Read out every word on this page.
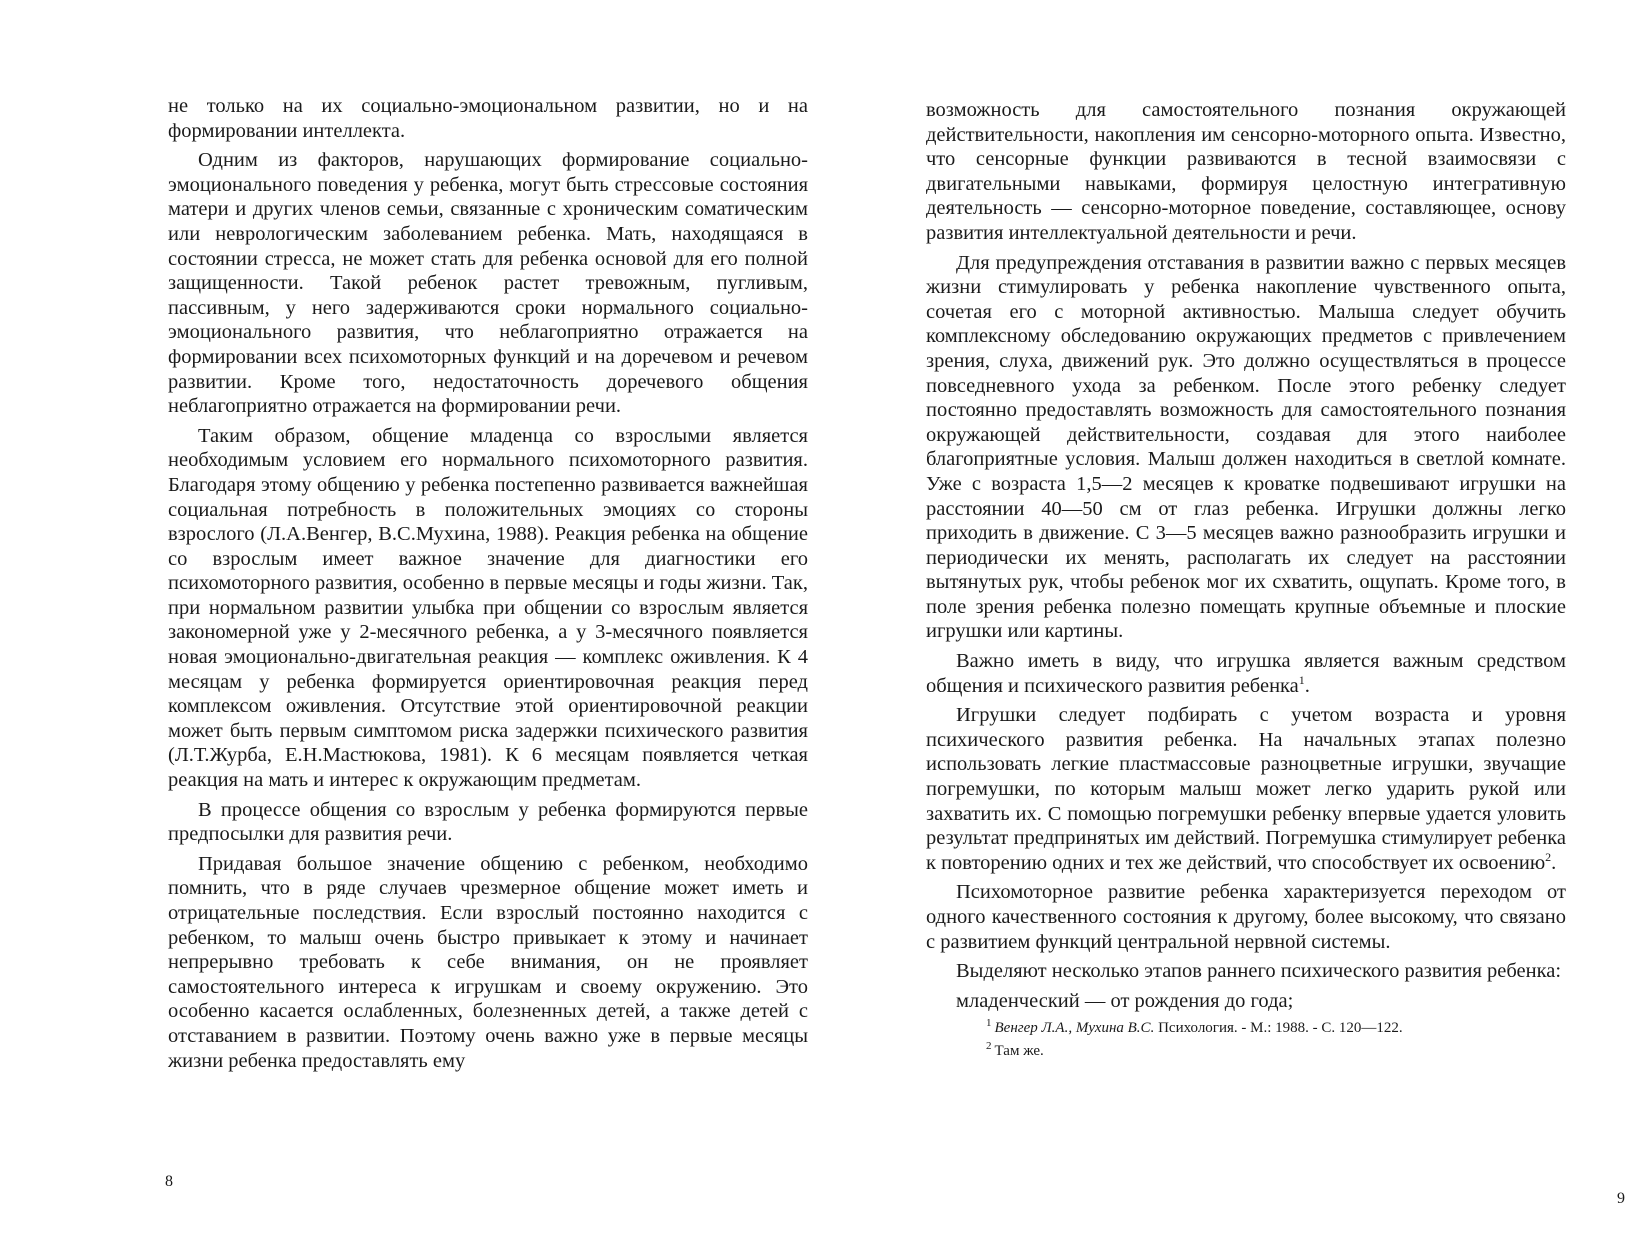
не только на их социально-эмоциональном развитии, но и на формировании интеллекта.

Одним из факторов, нарушающих формирование социально-эмоционального поведения у ребенка, могут быть стрессовые состояния матери и других членов семьи, связанные с хроническим соматическим или неврологическим заболеванием ребенка. Мать, находящаяся в состоянии стресса, не может стать для ребенка основой для его полной защищенности. Такой ребенок растет тревожным, пугливым, пассивным, у него задерживаются сроки нормального социально-эмоционального развития, что неблагоприятно отражается на формировании всех психомоторных функций и на доречевом и речевом развитии. Кроме того, недостаточность доречевого общения неблагоприятно отражается на формировании речи.

Таким образом, общение младенца со взрослыми является необходимым условием его нормального психомоторного развития. Благодаря этому общению у ребенка постепенно развивается важнейшая социальная потребность в положительных эмоциях со стороны взрослого (Л.А.Венгер, В.С.Мухина, 1988). Реакция ребенка на общение со взрослым имеет важное значение для диагностики его психомоторного развития, особенно в первые месяцы и годы жизни. Так, при нормальном развитии улыбка при общении со взрослым является закономерной уже у 2-месячного ребенка, а у 3-месячного появляется новая эмоционально-двигательная реакция — комплекс оживления. К 4 месяцам у ребенка формируется ориентировочная реакция перед комплексом оживления. Отсутствие этой ориентировочной реакции может быть первым симптомом риска задержки психического развития (Л.Т.Журба, Е.Н.Мастюкова, 1981). К 6 месяцам появляется четкая реакция на мать и интерес к окружающим предметам.

В процессе общения со взрослым у ребенка формируются первые предпосылки для развития речи.

Придавая большое значение общению с ребенком, необходимо помнить, что в ряде случаев чрезмерное общение может иметь и отрицательные последствия. Если взрослый постоянно находится с ребенком, то малыш очень быстро привыкает к этому и начинает непрерывно требовать к себе внимания, он не проявляет самостоятельного интереса к игрушкам и своему окружению. Это особенно касается ослабленных, болезненных детей, а также детей с отставанием в развитии. Поэтому очень важно уже в первые месяцы жизни ребенка предоставлять ему

8

возможность для самостоятельного познания окружающей действительности, накопления им сенсорно-моторного опыта. Известно, что сенсорные функции развиваются в тесной взаимосвязи с двигательными навыками, формируя целостную интегративную деятельность — сенсорно-моторное поведение, составляющее, основу развития интеллектуальной деятельности и речи.

Для предупреждения отставания в развитии важно с первых месяцев жизни стимулировать у ребенка накопление чувственного опыта, сочетая его с моторной активностью. Малыша следует обучить комплексному обследованию окружающих предметов с привлечением зрения, слуха, движений рук. Это должно осуществляться в процессе повседневного ухода за ребенком. После этого ребенку следует постоянно предоставлять возможность для самостоятельного познания окружающей действительности, создавая для этого наиболее благоприятные условия. Малыш должен находиться в светлой комнате. Уже с возраста 1,5—2 месяцев к кроватке подвешивают игрушки на расстоянии 40—50 см от глаз ребенка. Игрушки должны легко приходить в движение. С 3—5 месяцев важно разнообразить игрушки и периодически их менять, располагать их следует на расстоянии вытянутых рук, чтобы ребенок мог их схватить, ощупать. Кроме того, в поле зрения ребенка полезно помещать крупные объемные и плоские игрушки или картины.

Важно иметь в виду, что игрушка является важным средством общения и психического развития ребенка$^1$.

Игрушки следует подбирать с учетом возраста и уровня психического развития ребенка. На начальных этапах полезно использовать легкие пластмассовые разноцветные игрушки, звучащие погремушки, по которым малыш может легко ударить рукой или захватить их. С помощью погремушки ребенку впервые удается уловить результат предпринятых им действий. Погремушка стимулирует ребенка к повторению одних и тех же действий, что способствует их освоению$^2$.

Психомоторное развитие ребенка характеризуется переходом от одного качественного состояния к другому, более высокому, что связано с развитием функций центральной нервной системы.

Выделяют несколько этапов раннего психического развития ребенка:

младенческий — от рождения до года;

$^1$ Венгер Л.А., Мухина В.С. Психология. - М.: 1988. - С. 120—122.

$^2$ Там же.

9
